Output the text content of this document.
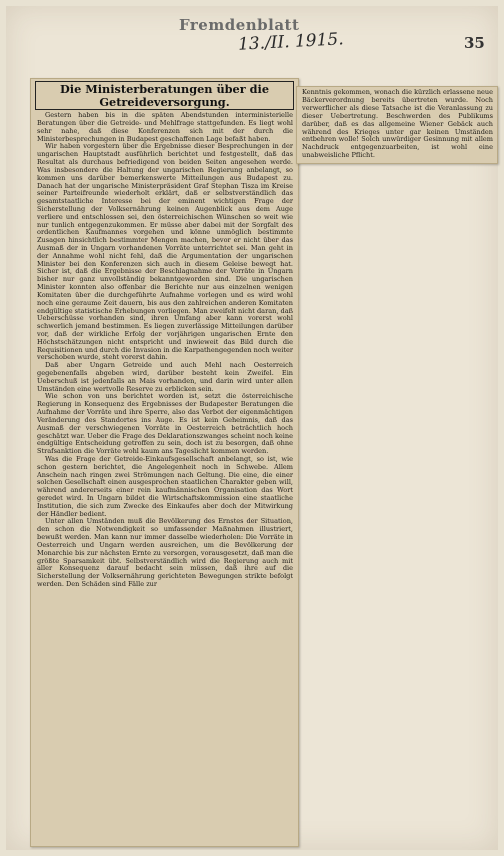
Fremdenblatt
13./II. 1915.	35
Die Ministerberatungen über die Getreideversorgung.

Gestern haben bis in die späten Abendstunden interministerielle Beratungen über die Getreide- und Mehlfrage stattgefunden. Es liegt wohl sehr nahe, daß diese Konferenzen sich mit der durch die Ministerbesprechungen in Budapest geschaffenen Lage befaßt haben.

Wir haben vorgestern über die Ergebnisse dieser Besprechungen in der ungarischen Hauptstadt ausführlich berichtet und festgestellt, daß das Resultat als durchaus befriedigend von beiden Seiten angesehen werde. Was insbesondere die Haltung der ungarischen Regierung anbelangt, so kommen uns darüber bemerkenswerte Mitteilungen aus Budapest zu. Danach hat der ungarische Ministerpräsident Graf Stephan Tisza im Kreise seiner Parteifreunde wiederholt erklärt, daß er selbstverständlich das gesamtstaatliche Interesse bei der eminent wichtigen Frage der Sicherstellung der Volksernährung keinen Augenblick aus dem Auge verliere und entschlossen sei, den österreichischen Wünschen so weit wie nur tunlich entgegenzukommen. Er müsse aber dabei mit der Sorgfalt des ordentlichen Kaufmannes vorgehen und könne unmöglich bestimmte Zusagen hinsichtlich bestimmter Mengen machen, bevor er nicht über das Ausmaß der in Ungarn vorhandenen Vorräte unterrichtet sei. Man geht in der Annahme wohl nicht fehl, daß die Argumentation der ungarischen Minister bei den Konferenzen sich auch in diesem Geleise bewegt hat. Sicher ist, daß die Ergebnisse der Beschlagnahme der Vorräte in Ungarn bisher nur ganz unvollständig bekanntgeworden sind. Die ungarischen Minister konnten also offenbar die Berichte nur aus einzelnen wenigen Komitaten über die durchgeführte Aufnahme vorlegen und es wird wohl noch eine geraume Zeit dauern, bis aus den zahlreichen anderen Komitaten endgültige statistische Erhebungen vorliegen. Man zweifelt nicht daran, daß Ueberschüsse vorhanden sind, ihren Umfang aber kann vorerst wohl schwerlich jemand bestimmen. Es liegen zuverlässige Mitteilungen darüber vor, daß der wirkliche Erfolg der vorjährigen ungarischen Ernte den Höchstschätzungen nicht entspricht und inwieweit das Bild durch die Requisitionen und durch die Invasion in die Karpathengegenden noch weiter verschoben wurde, steht vorerst dahin.

Daß aber Ungarn Getreide und auch Mehl nach Oesterreich gegebenenfalls abgeben wird, darüber besteht kein Zweifel. Ein Ueberschuß ist jedenfalls an Mais vorhanden, und darin wird unter allen Umständen eine wertvolle Reserve zu erblicken sein.

Wie schon von uns berichtet worden ist, setzt die österreichische Regierung in Konsequenz des Ergebnisses der Budapester Beratungen die Aufnahme der Vorräte und ihre Sperre, also das Verbot der eigenmächtigen Veränderung des Standortes ins Auge. Es ist kein Geheimnis, daß das Ausmaß der verschwiegenen Vorräte in Oesterreich beträchtlich hoch geschätzt war. Ueber die Frage des Deklarationszwanges scheint noch keine endgültige Entscheidung getroffen zu sein, doch ist zu besorgen, daß ohne Strafsanktion die Vorräte wohl kaum ans Tageslicht kommen werden.

Was die Frage der Getreide-Einkaufsgesellschaft anbelangt, so ist, wie schon gestern berichtet, die Angelegenheit noch in Schwebe. Allem Anschein nach ringen zwei Strömungen nach Geltung. Die eine, die einer solchen Gesellschaft einen ausgesprochen staatlichen Charakter geben will, während andererseits einer rein kaufmännischen Organisation das Wort geredet wird. In Ungarn bildet die Wirtschaftskommission eine staatliche Institution, die sich zum Zwecke des Einkaufes aber doch der Mitwirkung der Händler bedient.

Unter allen Umständen muß die Bevölkerung des Ernstes der Situation, den schon die Notwendigkeit so umfassender Maßnahmen illustriert, bewußt werden. Man kann nur immer dasselbe wiederholen: Die Vorräte in Oesterreich und Ungarn werden ausreichen, um die Bevölkerung der Monarchie bis zur nächsten Ernte zu versorgen, vorausgesetzt, daß man die größte Sparsamkeit übt. Selbstverständlich wird die Regierung auch mit aller Konsequenz darauf bedacht sein müssen, daß ihre auf die Sicherstellung der Volksernährung gerichteten Bewegungen strikte befolgt werden. Den Schäden sind Fälle zur

Kenntnis gekommen, wonach die kürzlich erlassene neue Bäckerverordnung bereits übertreten wurde. Noch verwerflicher als diese Tatsache ist die Veranlassung zu dieser Uebertretung. Beschwerden des Publikums darüber, daß es das allgemeine Wiener Gebäck auch während des Krieges unter gar keinen Umständen entbehren wolle! Solch unwürdiger Gesinnung mit allem Nachdruck entgegenzuarbeiten, ist wohl eine unabweisliche Pflicht.
